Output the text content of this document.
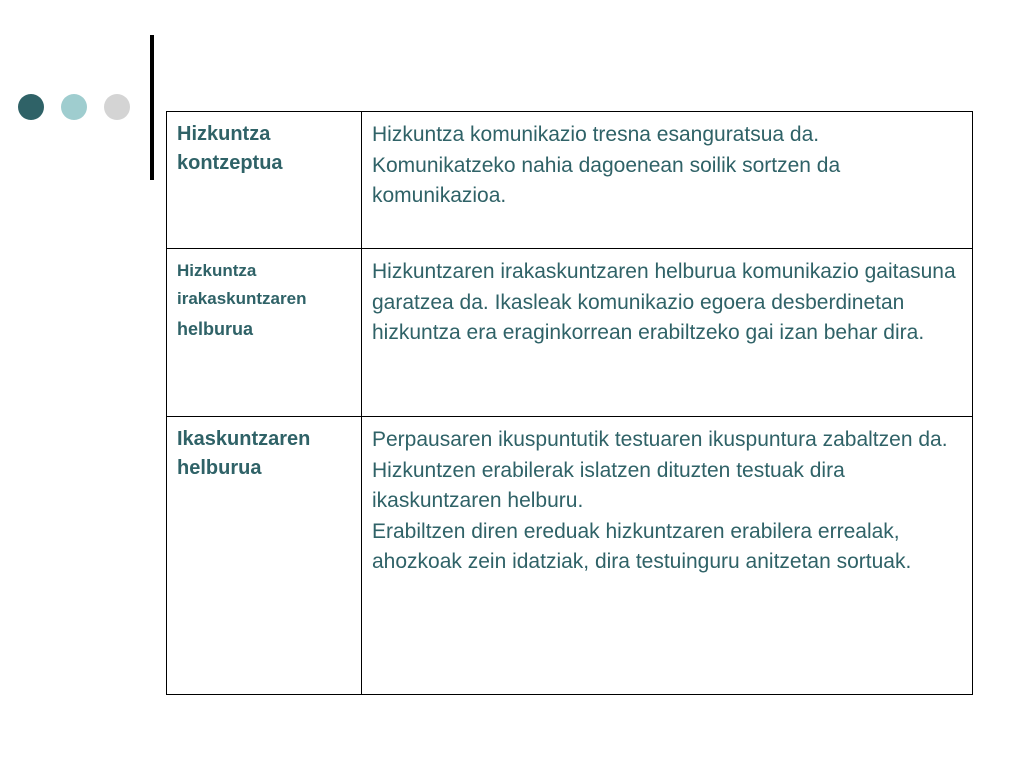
Hizkuntza kontzeptua	Hizkuntza komunikazio tresna esanguratsua da. Komunikatzeko nahia dagoenean soilik sortzen da komunikazioa.

Hizkuntza
irakaskuntzaren
helburua	Hizkuntzaren irakaskuntzaren helburua komunikazio gaitasuna garatzea da. Ikasleak komunikazio egoera desberdinetan hizkuntza era eraginkorrean erabiltzeko gai izan behar dira.
Ikaskuntzaren helburua	Perpausaren ikuspuntutik testuaren ikuspuntura zabaltzen da.
Hizkuntzen erabilerak islatzen dituzten testuak dira ikaskuntzaren helburu.
Erabiltzen diren ereduak hizkuntzaren erabilera errealak, ahozkoak zein idatziak, dira testuinguru anitzetan sortuak.
